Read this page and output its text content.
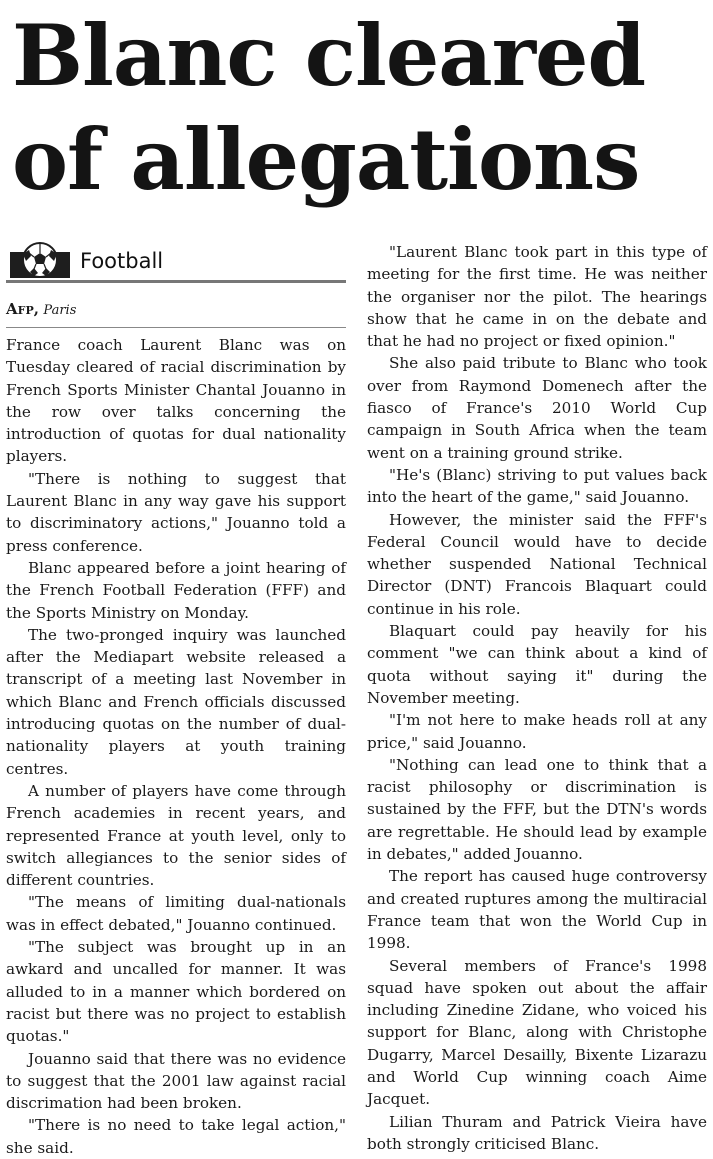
Blanc cleared of allegations
Football
Afp, Paris

France coach Laurent Blanc was on Tuesday cleared of racial discrimination by French Sports Minister Chantal Jouanno in the row over talks concerning the introduction of quotas for dual nationality players.

"There is nothing to suggest that Laurent Blanc in any way gave his support to discriminatory actions," Jouanno told a press conference.

Blanc appeared before a joint hearing of the French Football Federation (FFF) and the Sports Ministry on Monday.

The two-pronged inquiry was launched after the Mediapart website released a transcript of a meeting last November in which Blanc and French officials discussed introducing quotas on the number of dual-nationality players at youth training centres.

A number of players have come through French academies in recent years, and represented France at youth level, only to switch allegiances to the senior sides of different countries.

"The means of limiting dual-nationals was in effect debated," Jouanno continued.

"The subject was brought up in an awkard and uncalled for manner. It was alluded to in a manner which bordered on racist but there was no project to establish quotas."

Jouanno said that there was no evidence to suggest that the 2001 law against racial discrimation had been broken.

"There is no need to take legal action," she said.

"Laurent Blanc took part in this type of meeting for the first time. He was neither the organiser nor the pilot. The hearings show that he came in on the debate and that he had no project or fixed opinion."

She also paid tribute to Blanc who took over from Raymond Domenech after the fiasco of France's 2010 World Cup campaign in South Africa when the team went on a training ground strike.

"He's (Blanc) striving to put values back into the heart of the game," said Jouanno.

However, the minister said the FFF's Federal Council would have to decide whether suspended National Technical Director (DNT) Francois Blaquart could continue in his role.

Blaquart could pay heavily for his comment "we can think about a kind of quota without saying it" during the November meeting.

"I'm not here to make heads roll at any price," said Jouanno.

"Nothing can lead one to think that a racist philosophy or discrimination is sustained by the FFF, but the DTN's words are regrettable. He should lead by example in debates," added Jouanno.

The report has caused huge controversy and created ruptures among the multiracial France team that won the World Cup in 1998.

Several members of France's 1998 squad have spoken out about the affair including Zinedine Zidane, who voiced his support for Blanc, along with Christophe Dugarry, Marcel Desailly, Bixente Lizarazu and World Cup winning coach Aime Jacquet.

Lilian Thuram and Patrick Vieira have both strongly criticised Blanc.
